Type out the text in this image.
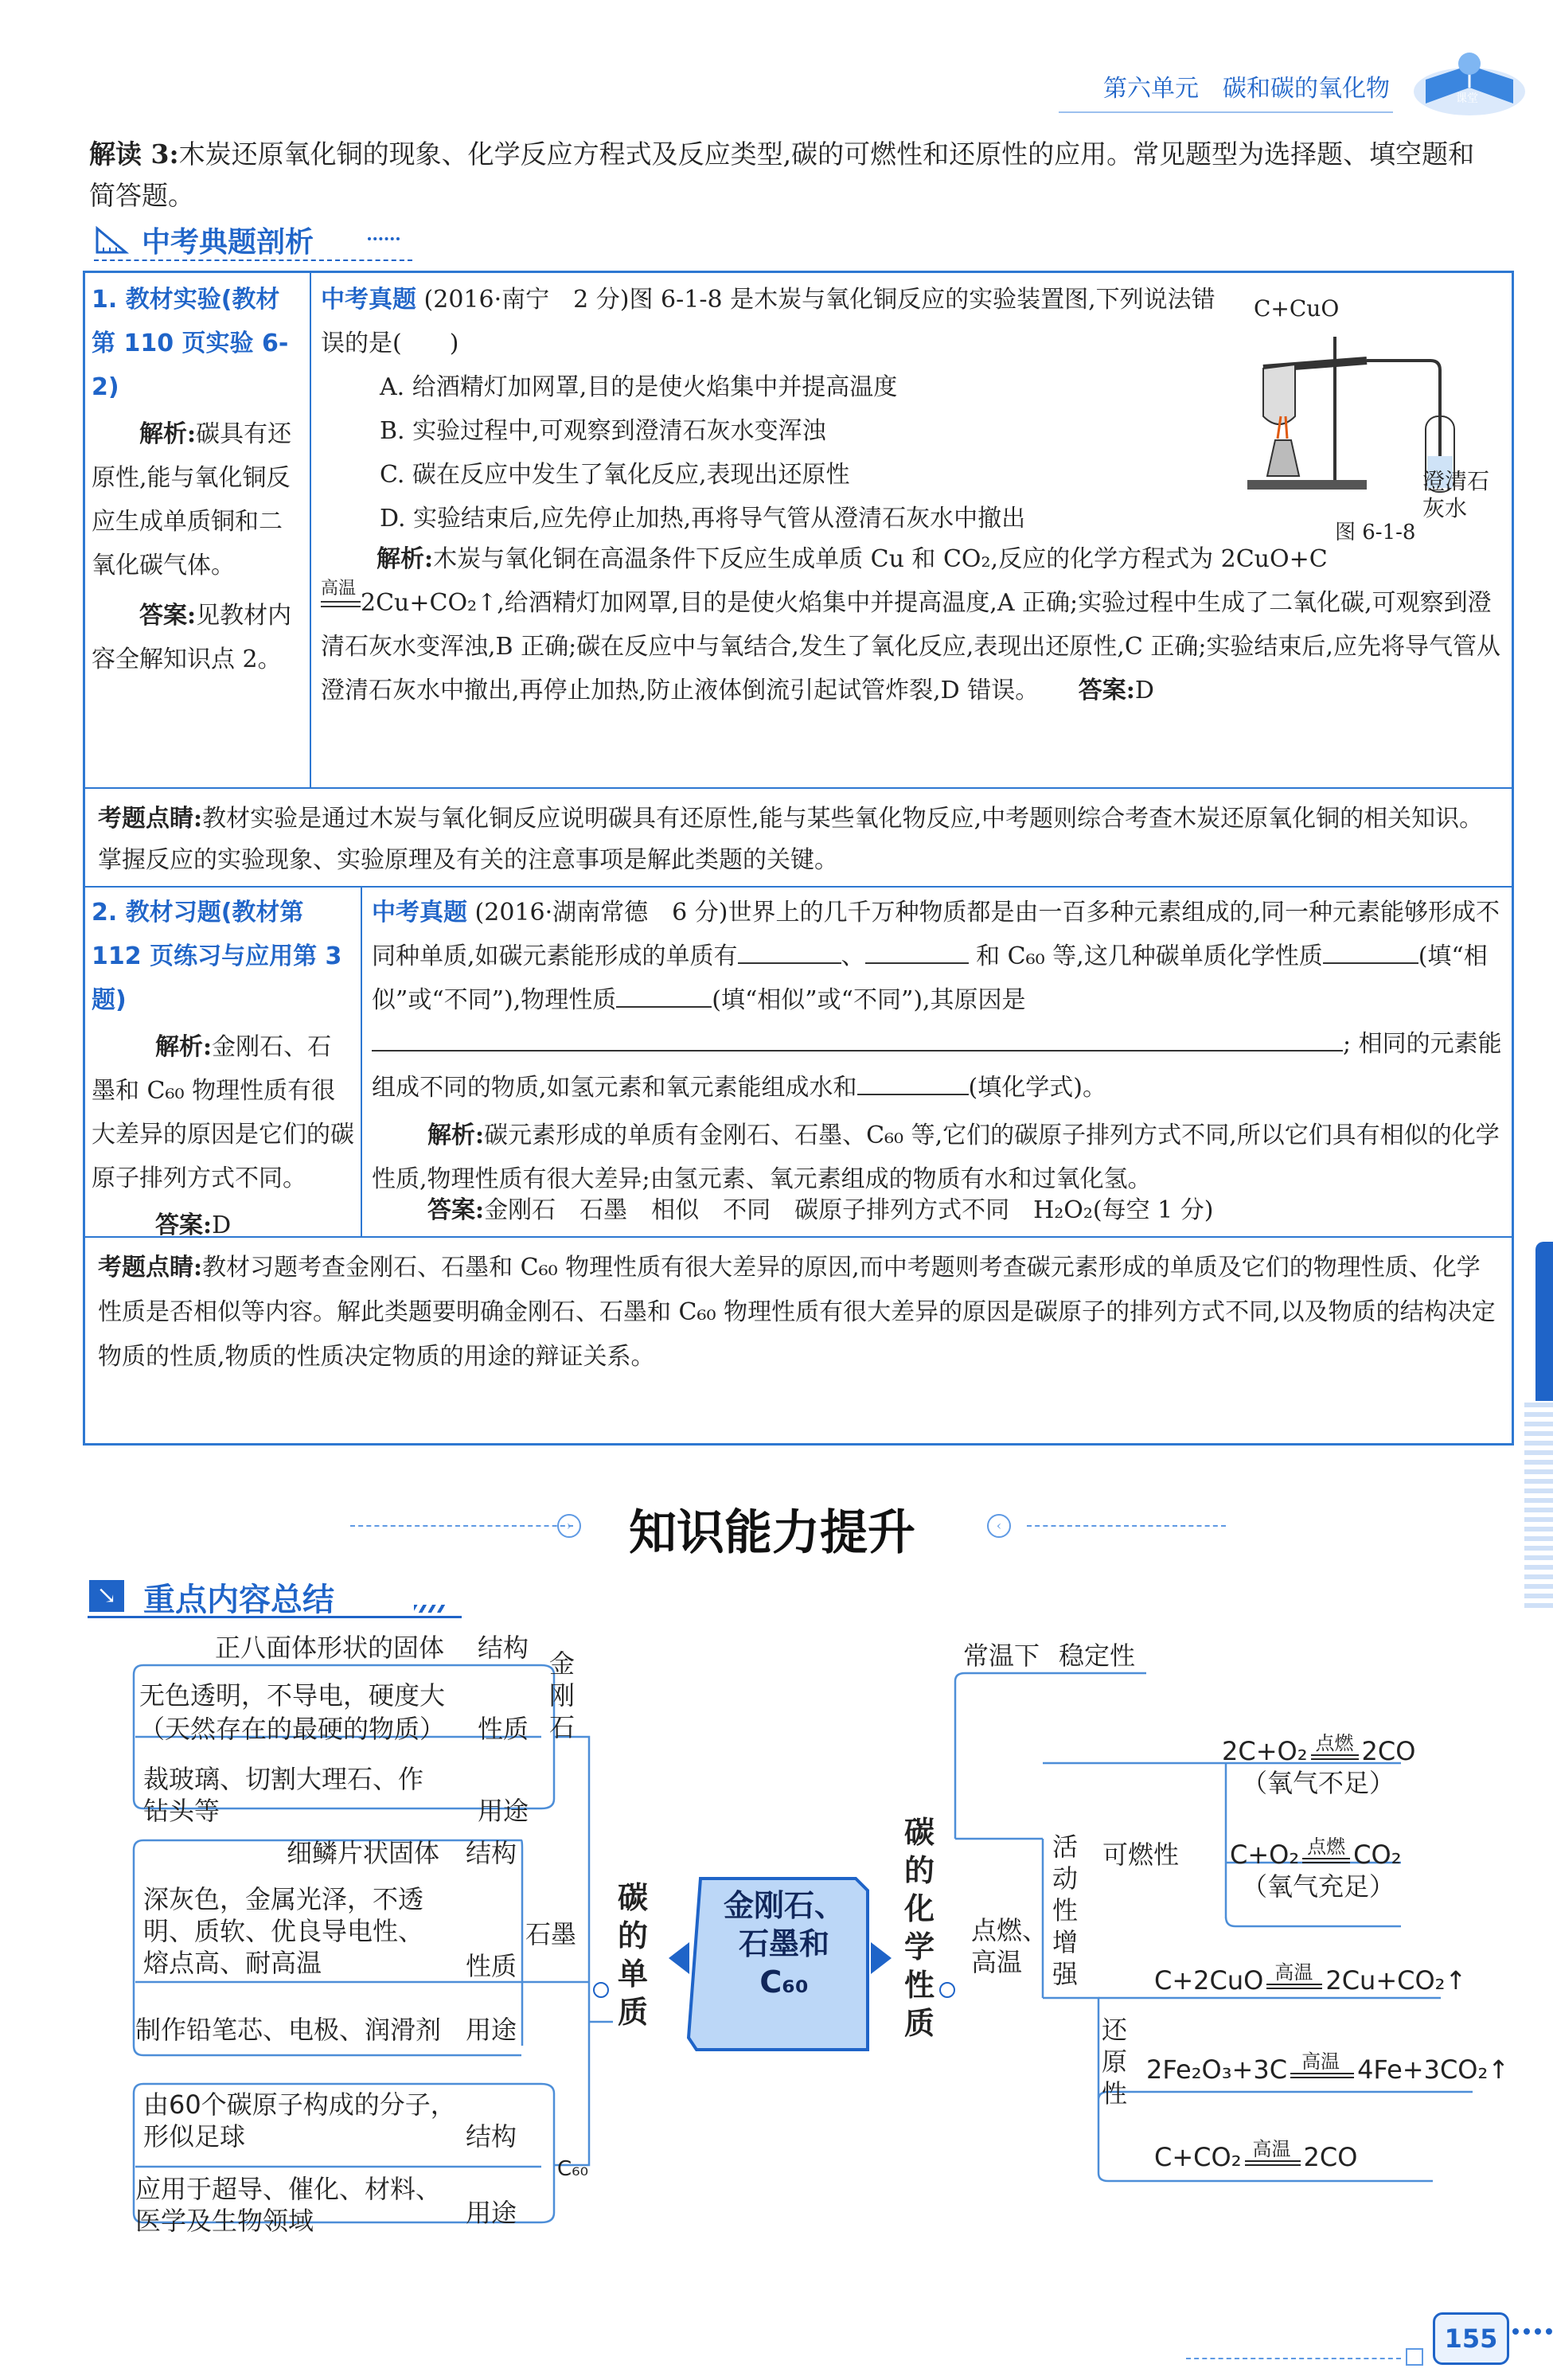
第六单元　碳和碳的氧化物	课堂
解读 3:木炭还原氧化铜的现象、化学反应方程式及反应类型,碳的可燃性和还原性的应用。常见题型为选择题、填空题和简答题。
中考典题剖析
1. 教材实验(教材第 110 页实验 6-2)
解析:碳具有还原性,能与氧化铜反应生成单质铜和二氧化碳气体。
答案:见教材内容全解知识点 2。
中考真题 (2016·南宁　2 分)图 6-1-8 是木炭与氧化铜反应的实验装置图,下列说法错误的是(　　)
A. 给酒精灯加网罩,目的是使火焰集中并提高温度
B. 实验过程中,可观察到澄清石灰水变浑浊
C. 碳在反应中发生了氧化反应,表现出还原性
D. 实验结束后,应先停止加热,再将导气管从澄清石灰水中撤出
C+CuO
澄清石灰水
图 6-1-8
解析:木炭与氧化铜在高温条件下反应生成单质 Cu 和 CO₂,反应的化学方程式为 2CuO+C
高温
2Cu+CO₂↑,给酒精灯加网罩,目的是使火焰集中并提高温度,A 正确;实验过程中生成了二氧化碳,可观察到澄清石灰水变浑浊,B 正确;碳在反应中与氧结合,发生了氧化反应,表现出还原性,C 正确;实验结束后,应先将导气管从澄清石灰水中撤出,再停止加热,防止液体倒流引起试管炸裂,D 错误。 答案:D
考题点睛:教材实验是通过木炭与氧化铜反应说明碳具有还原性,能与某些氧化物反应,中考题则综合考查木炭还原氧化铜的相关知识。掌握反应的实验现象、实验原理及有关的注意事项是解此类题的关键。
2. 教材习题(教材第 112 页练习与应用第 3 题)
解析:金刚石、石墨和 C₆₀ 物理性质有很大差异的原因是它们的碳原子排列方式不同。
答案:D
中考真题 (2016·湖南常德　6 分)世界上的几千万种物质都是由一百多种元素组成的,同一种元素能够形成不同种单质,如碳元素能形成的单质有	、	和 C₆₀ 等,这几种碳单质化学性质	(填“相似”或“不同”),物理性质	(填“相似”或“不同”),其原因是; 相同的元素能组成不同的物质,如氢元素和氧元素能组成水和	(填化学式)。
解析:碳元素形成的单质有金刚石、石墨、C₆₀ 等,它们的碳原子排列方式不同,所以它们具有相似的化学性质,物理性质有很大差异;由氢元素、氧元素组成的物质有水和过氧化氢。
答案:金刚石　石墨　相似　不同　碳原子排列方式不同　H₂O₂(每空 1 分)
考题点睛:教材习题考查金刚石、石墨和 C₆₀ 物理性质有很大差异的原因,而中考题则考查碳元素形成的单质及它们的物理性质、化学性质是否相似等内容。解此类题要明确金刚石、石墨和 C₆₀ 物理性质有很大差异的原因是碳原子的排列方式不同,以及物质的结构决定物质的性质,物质的性质决定物质的用途的辩证关系。
› 知识能力提升	‹
↘ 重点内容总结
金刚石、
石墨和
C₆₀
碳的单质
碳的化学性质
金刚石
正八面体形状的固体 结构
无色透明，不导电，硬度大
（天然存在的最硬的物质） 性质
裁玻璃、切割大理石、作
钻头等	用途
石墨
细鳞片状固体 结构
深灰色，金属光泽，不透
明、质软、优良导电性、
熔点高、耐高温	性质
制作铅笔芯、电极、润滑剂 用途
C₆₀
由60个碳原子构成的分子，
形似足球	结构
应用于超导、催化、材料、
医学及生物领域	用途
常温下 稳定性
点燃、
高温
活动性增强
可燃性
还原性
2C+O₂ 点燃 2CO
（氧气不足）
C+O₂ 点燃 CO₂
（氧气充足）
C+2CuO 高温 2Cu+CO₂↑
2Fe₂O₃+3C 高温 4Fe+3CO₂↑
C+CO₂ 高温 2CO
155
